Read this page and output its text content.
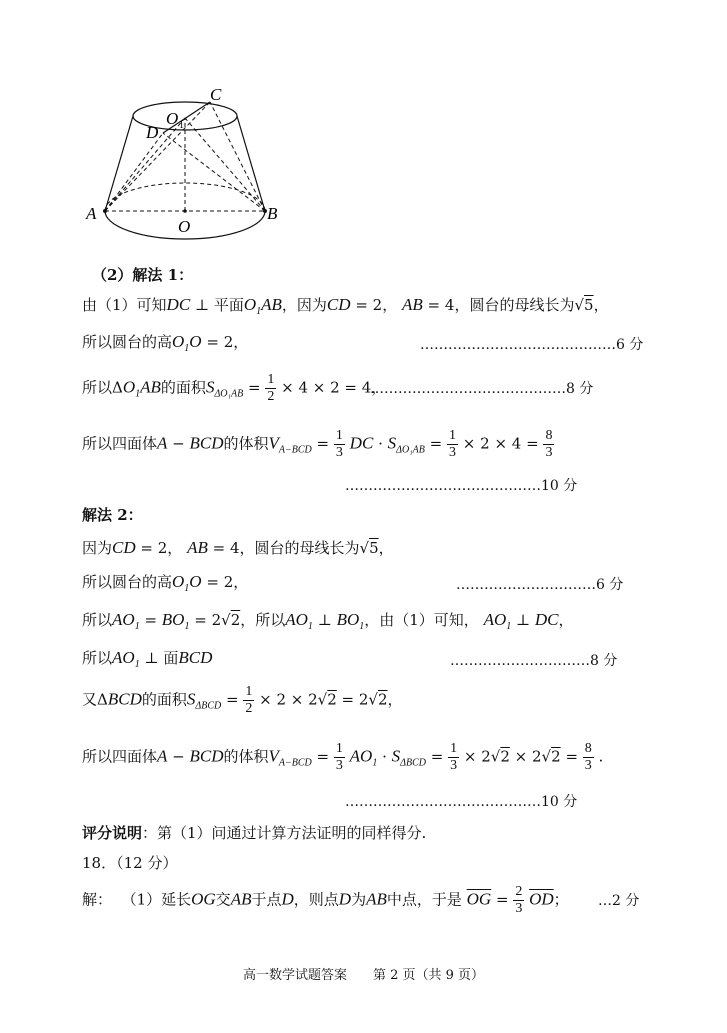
C
O 1
D
A	B
O
（2）解法 1：
由（1）可知DC ⊥ 平面$O_1AB$，因为CD = 2， AB = 4，圆台的母线长为√5，
所以圆台的高$O_1O = 2$，	……………………………………6 分
所以$\Delta O_1AB$的面积$S_{\Delta O_1AB} = \frac{1}{2} \times 4 \times 2 = 4$，
……………………………………8 分
所以四面体A − BCD的体积$V_{A-BCD} = \frac{1}{3}$ DC · $S_{\Delta O_1AB} = \frac{1}{3} \times 2 \times 4 = \frac{8}{3}$
……………………………………10 分
解法 2：
因为CD = 2， AB = 4，圆台的母线长为√5，
所以圆台的高$O_1O = 2$，	…………………………6 分
所以$AO_1 = BO_1 = 2√2$，所以$AO_1$ ⊥ $BO_1$，由（1）可知， $AO_1$ ⊥ DC，
所以$AO_1$ ⊥ 面BCD	…………………………8 分
又ΔBCD的面积$S_{\Delta BCD} = \frac{1}{2} \times 2 \times 2√2 = 2√2$，
所以四面体A − BCD的体积$V_{A-BCD} = \frac{1}{3} AO_1 \cdot S_{\Delta BCD} = \frac{1}{3} \times 2√2 \times 2√2 = \frac{8}{3}$ .
……………………………………10 分
评分说明：第（1）问通过计算方法证明的同样得分.
18．（12 分）
解： （1）延长OG交AB于点D，则点D为AB中点，于是 $\overline{OG} = \frac{2}{3} \overline{OD}$； …2 分
高一数学试题答案　　第 2 页（共 9 页）
